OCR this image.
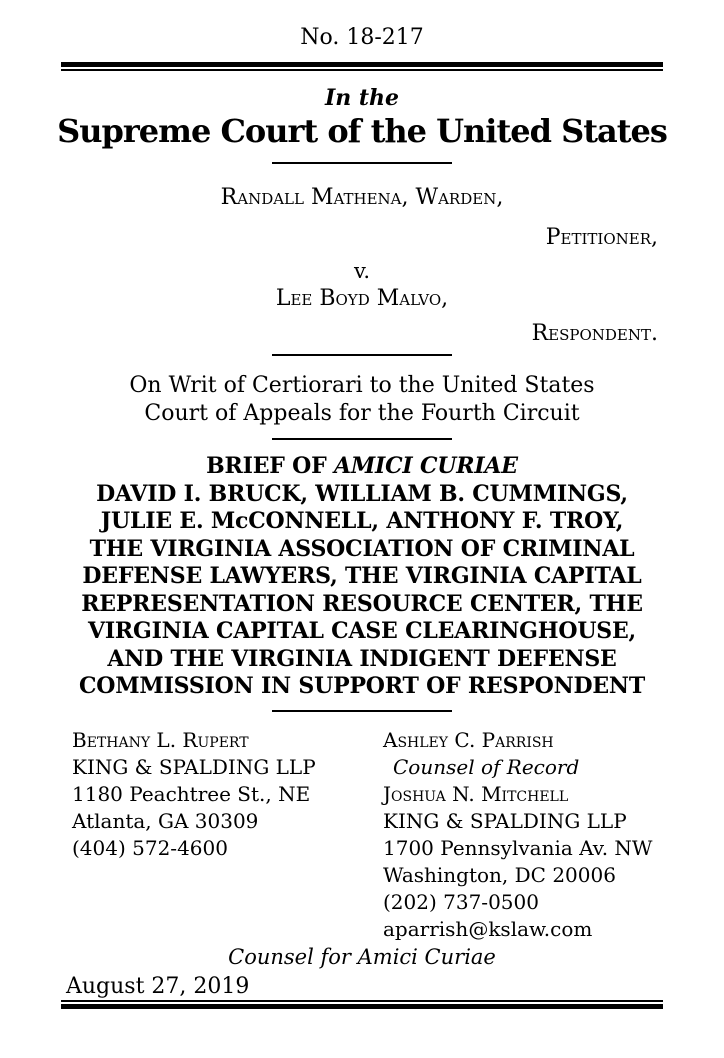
No. 18-217
In the
Supreme Court of the United States
Randall Mathena, Warden,
Petitioner,
v.
Lee Boyd Malvo,
Respondent.
On Writ of Certiorari to the United States
Court of Appeals for the Fourth Circuit
BRIEF OF AMICI CURIAE
DAVID I. BRUCK, WILLIAM B. CUMMINGS,
JULIE E. McCONNELL, ANTHONY F. TROY,
THE VIRGINIA ASSOCIATION OF CRIMINAL
DEFENSE LAWYERS, THE VIRGINIA CAPITAL
REPRESENTATION RESOURCE CENTER, THE
VIRGINIA CAPITAL CASE CLEARINGHOUSE,
AND THE VIRGINIA INDIGENT DEFENSE
COMMISSION IN SUPPORT OF RESPONDENT
Bethany L. Rupert
KING & SPALDING LLP
1180 Peachtree St., NE
Atlanta, GA 30309
(404) 572-4600
Ashley C. Parrish
Counsel of Record
Joshua N. Mitchell
KING & SPALDING LLP
1700 Pennsylvania Av. NW
Washington, DC 20006
(202) 737-0500
aparrish@kslaw.com
Counsel for Amici Curiae
August 27, 2019
